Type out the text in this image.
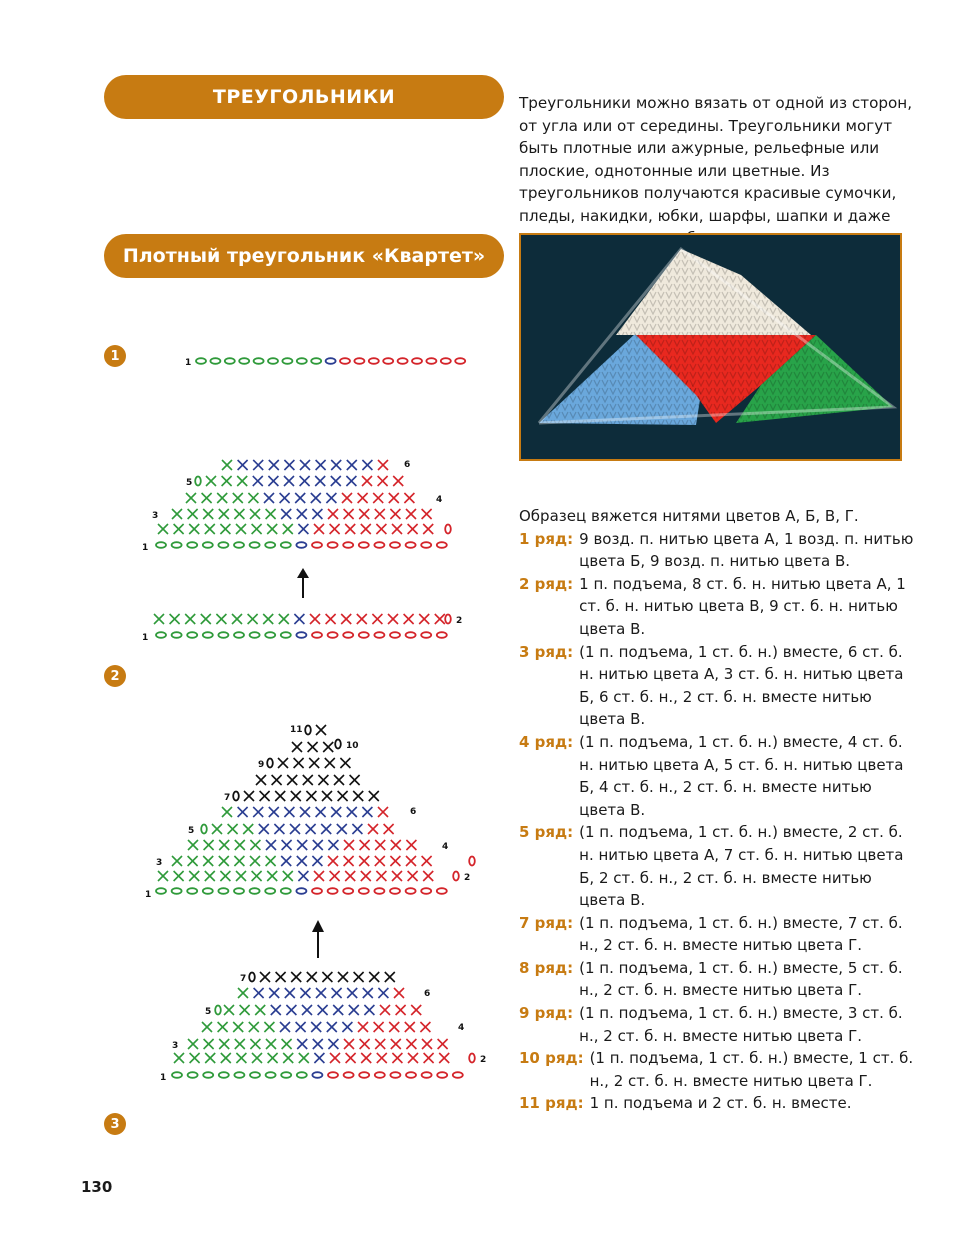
ТРЕУГОЛЬНИКИ
Плотный треугольник «Квартет»

Треугольники можно вязать от одной из сторон, от угла или от середины. Треугольники могут быть плотные или ажурные, рельефные или плоские, однотонные или цветные. Из треугольников получаются красивые сумочки, пледы, накидки, юбки, шарфы, шапки и даже

1
2
3
1
1
3
4
5
6
1
2
1
2
3
4
5
6
7
9
10
11
1
2
3
4
5
6
7
Образец вяжется нитями цветов А, Б, В, Г.
1 ряд: 9 возд. п. нитью цвета А, 1 возд. п. нитью цвета Б, 9 возд. п. нитью цвета В.
2 ряд: 1 п. подъема, 8 ст. б. н. нитью цвета А, 1 ст. б. н. нитью цвета В, 9 ст. б. н. нитью цвета В.
3 ряд: (1 п. подъема, 1 ст. б. н.) вместе, 6 ст. б. н. нитью цвета А, 3 ст. б. н. нитью цвета Б, 6 ст. б. н., 2 ст. б. н. вместе нитью цвета В.
4 ряд: (1 п. подъема, 1 ст. б. н.) вместе, 4 ст. б. н. нитью цвета А, 5 ст. б. н. нитью цвета Б, 4 ст. б. н., 2 ст. б. н. вместе нитью цвета В.
5 ряд: (1 п. подъема, 1 ст. б. н.) вместе, 2 ст. б. н. нитью цвета А, 7 ст. б. н. нитью цвета Б, 2 ст. б. н., 2 ст. б. н. вместе нитью цвета В.
7 ряд: (1 п. подъема, 1 ст. б. н.) вместе, 7 ст. б. н., 2 ст. б. н. вместе нитью цвета Г.
8 ряд: (1 п. подъема, 1 ст. б. н.) вместе, 5 ст. б. н., 2 ст. б. н. вместе нитью цвета Г.
9 ряд: (1 п. подъема, 1 ст. б. н.) вместе, 3 ст. б. н., 2 ст. б. н. вместе нитью цвета Г.
10 ряд: (1 п. подъема, 1 ст. б. н.) вместе, 1 ст. б. н., 2 ст. б. н. вместе нитью цвета Г.
11 ряд: 1 п. подъема и 2 ст. б. н. вместе.
130
